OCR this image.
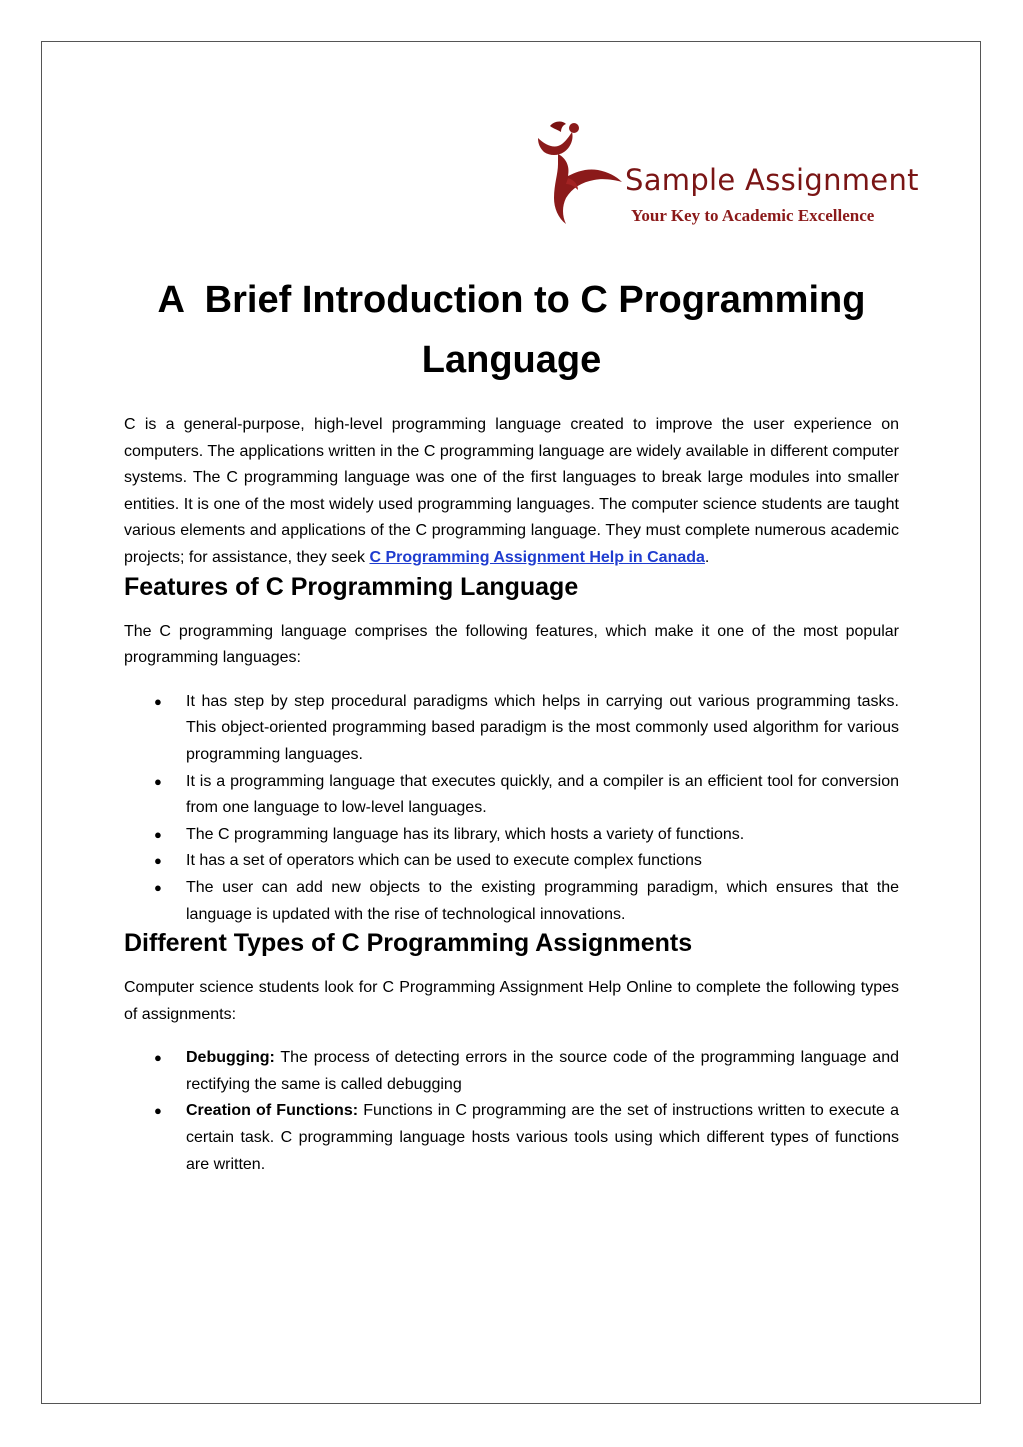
Sample Assignment
Your Key to Academic Excellence
A  Brief Introduction to C Programming
Language

C is a general-purpose, high-level programming language created to improve the user experience on computers. The applications written in the C programming language are widely available in different computer systems. The C programming language was one of the first languages to break large modules into smaller entities. It is one of the most widely used programming languages. The computer science students are taught various elements and applications of the C programming language. They must complete numerous academic projects; for assistance, they seek C Programming Assignment Help in Canada.

Features of C Programming Language

The C programming language comprises the following features, which make it one of the most popular programming languages:

● It has step by step procedural paradigms which helps in carrying out various programming tasks. This object-oriented programming based paradigm is the most commonly used algorithm for various programming languages.
● It is a programming language that executes quickly, and a compiler is an efficient tool for conversion from one language to low-level languages.
● The C programming language has its library, which hosts a variety of functions.
● It has a set of operators which can be used to execute complex functions
● The user can add new objects to the existing programming paradigm, which ensures that the language is updated with the rise of technological innovations.
Different Types of C Programming Assignments

Computer science students look for C Programming Assignment Help Online to complete the following types of assignments:

● Debugging: The process of detecting errors in the source code of the programming language and rectifying the same is called debugging
● Creation of Functions: Functions in C programming are the set of instructions written to execute a certain task. C programming language hosts various tools using which different types of functions are written.
